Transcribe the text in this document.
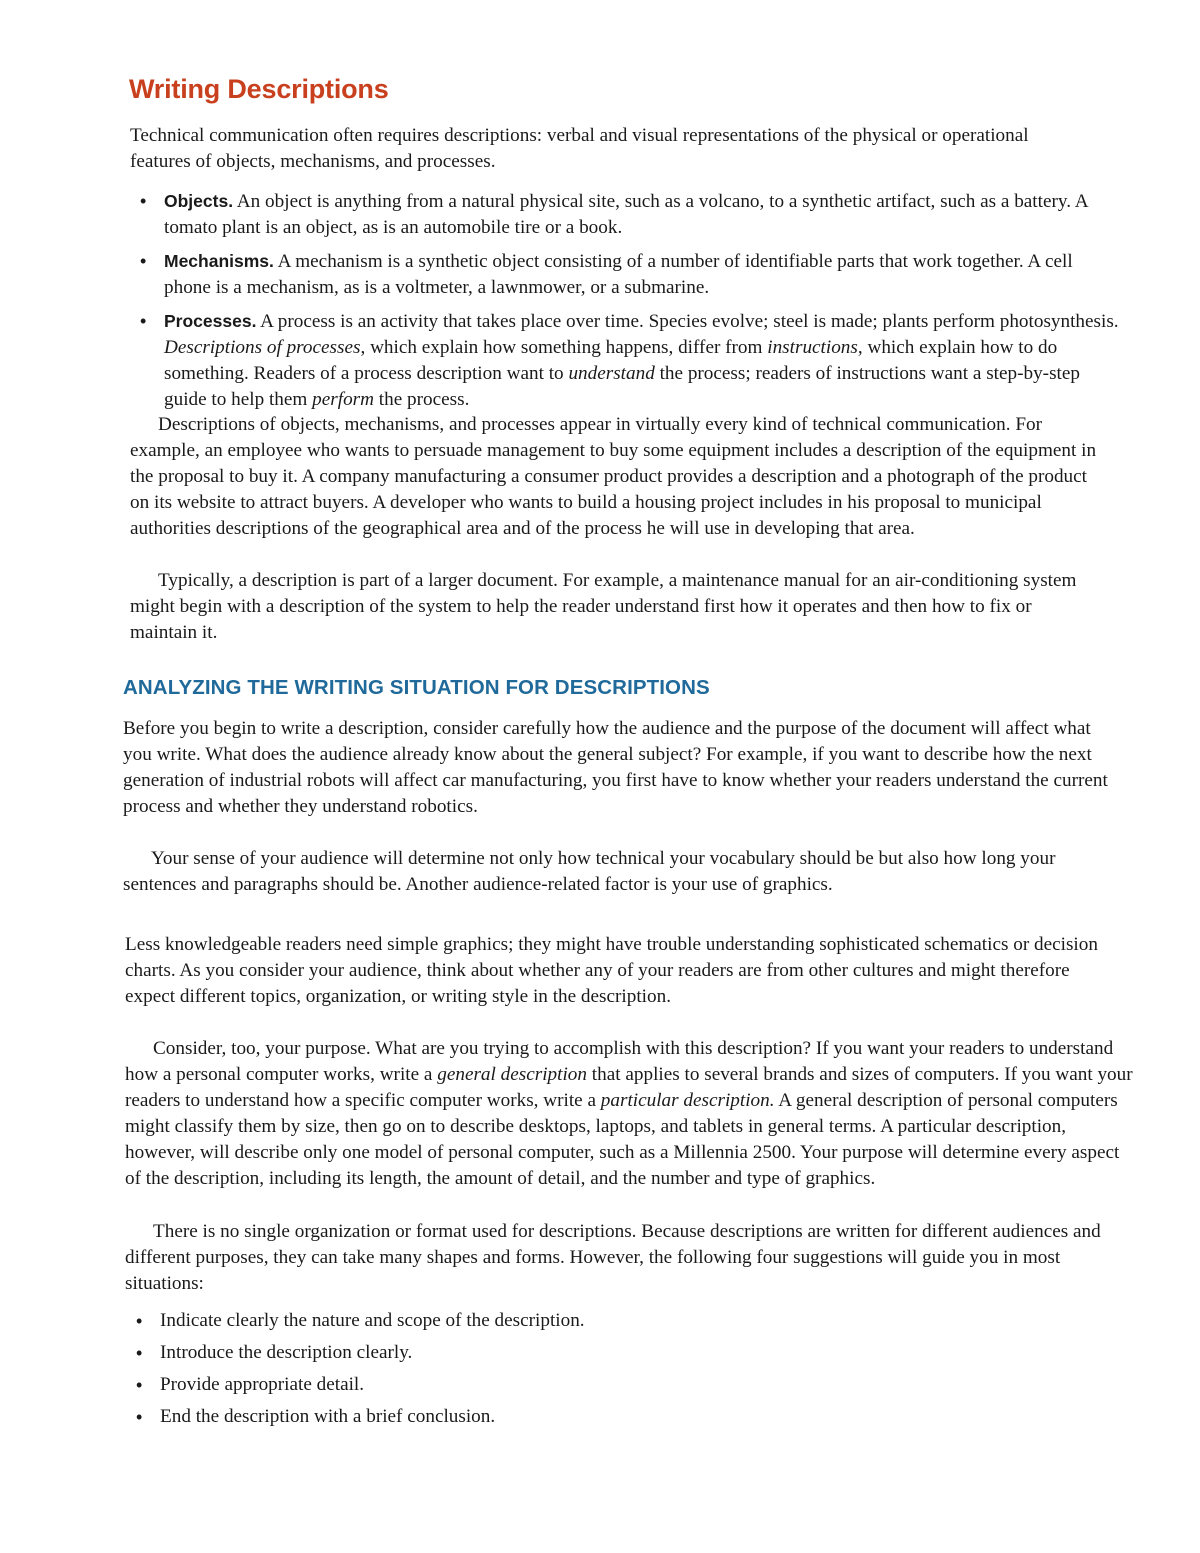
Writing Descriptions

Technical communication often requires descriptions: verbal and visual representations of the physical or operational features of objects, mechanisms, and processes.

• Objects. An object is anything from a natural physical site, such as a volcano, to a synthetic artifact, such as a battery. A tomato plant is an object, as is an automobile tire or a book.
• Mechanisms. A mechanism is a synthetic object consisting of a number of identifiable parts that work together. A cell phone is a mechanism, as is a voltmeter, a lawnmower, or a submarine.
• Processes. A process is an activity that takes place over time. Species evolve; steel is made; plants perform photosynthesis. Descriptions of processes, which explain how something happens, differ from instructions, which explain how to do something. Readers of a process description want to understand the process; readers of instructions want a step-by-step guide to help them perform the process.

Descriptions of objects, mechanisms, and processes appear in virtually every kind of technical communication. For example, an employee who wants to persuade management to buy some equipment includes a description of the equipment in the proposal to buy it. A company manufacturing a consumer product provides a description and a photograph of the product on its website to attract buyers. A developer who wants to build a housing project includes in his proposal to municipal authorities descriptions of the geographical area and of the process he will use in developing that area.

Typically, a description is part of a larger document. For example, a maintenance manual for an air-conditioning system might begin with a description of the system to help the reader understand first how it operates and then how to fix or maintain it.

ANALYZING THE WRITING SITUATION FOR DESCRIPTIONS

Before you begin to write a description, consider carefully how the audience and the purpose of the document will affect what you write. What does the audience already know about the general subject? For example, if you want to describe how the next generation of industrial robots will affect car manufacturing, you first have to know whether your readers understand the current process and whether they understand robotics.

Your sense of your audience will determine not only how technical your vocabulary should be but also how long your sentences and paragraphs should be. Another audience-related factor is your use of graphics.

Less knowledgeable readers need simple graphics; they might have trouble understanding sophisticated schematics or decision charts. As you consider your audience, think about whether any of your readers are from other cultures and might therefore expect different topics, organization, or writing style in the description.

Consider, too, your purpose. What are you trying to accomplish with this description? If you want your readers to understand how a personal computer works, write a general description that applies to several brands and sizes of computers. If you want your readers to understand how a specific computer works, write a particular description. A general description of personal computers might classify them by size, then go on to describe desktops, laptops, and tablets in general terms. A particular description, however, will describe only one model of personal computer, such as a Millennia 2500. Your purpose will determine every aspect of the description, including its length, the amount of detail, and the number and type of graphics.

There is no single organization or format used for descriptions. Because descriptions are written for different audiences and different purposes, they can take many shapes and forms. However, the following four suggestions will guide you in most situations:

• Indicate clearly the nature and scope of the description.
• Introduce the description clearly.
• Provide appropriate detail.
• End the description with a brief conclusion.
